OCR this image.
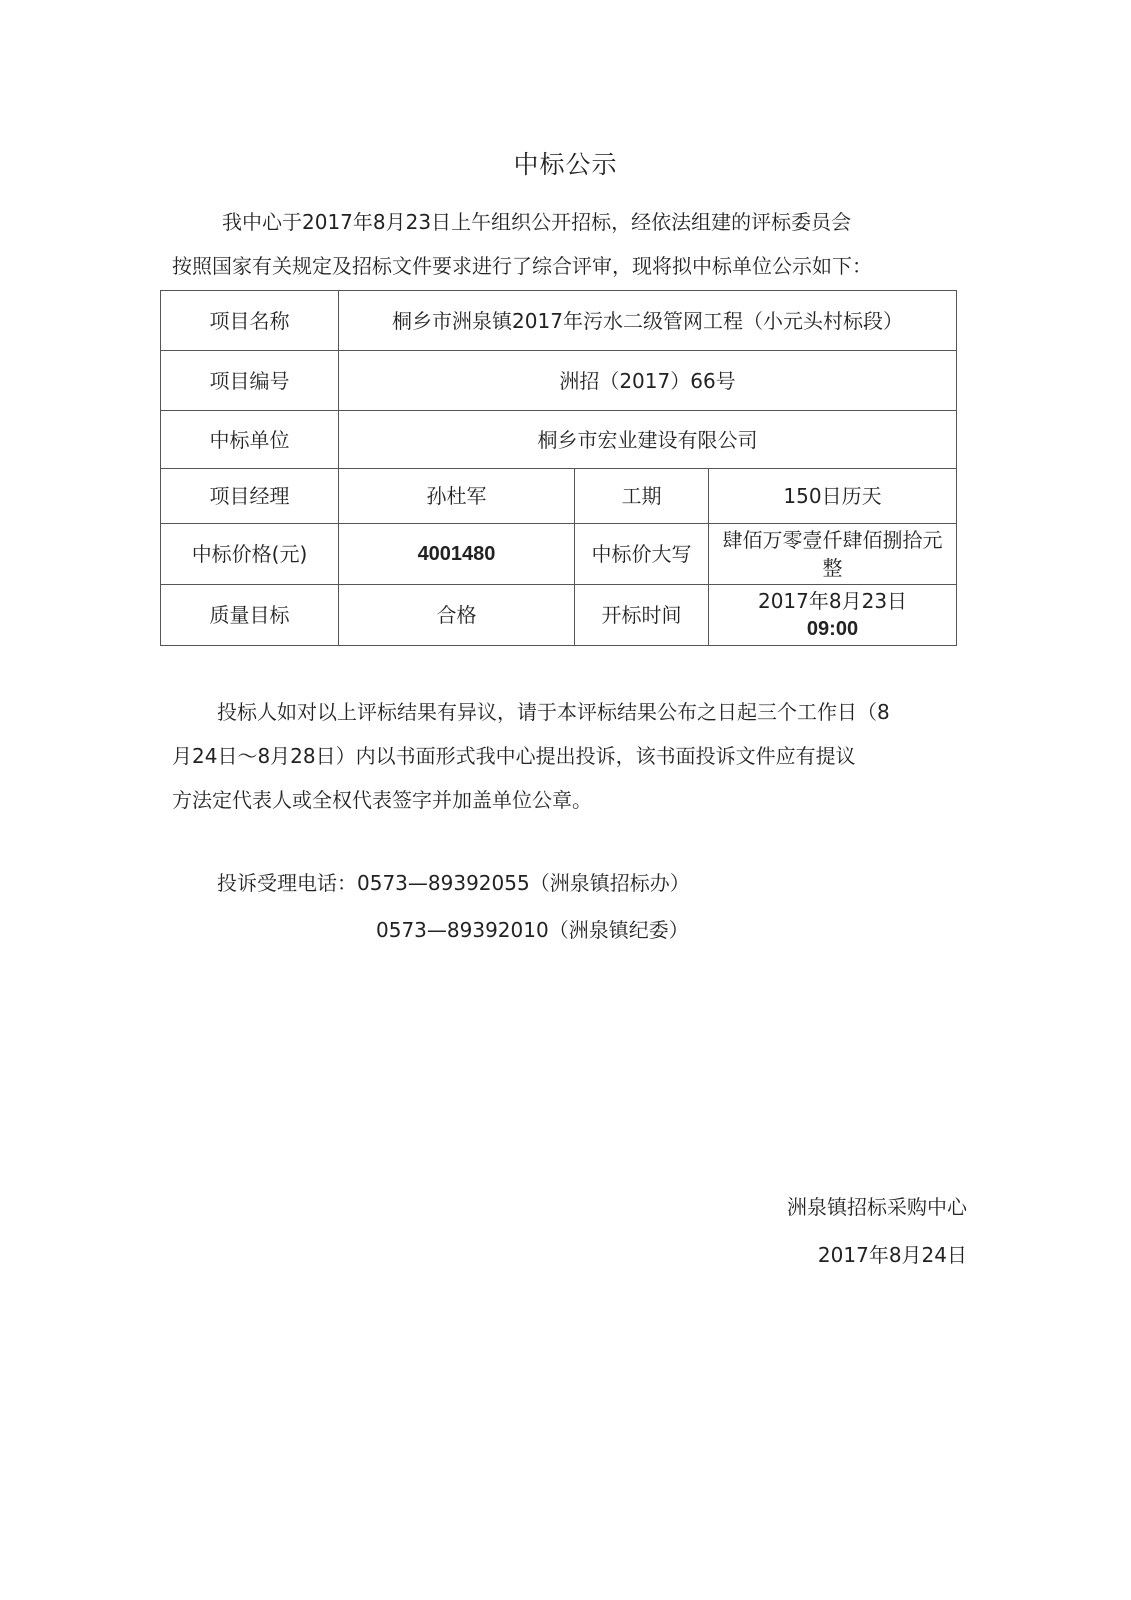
中标公示

我中心于2017年8月23日上午组织公开招标，经依法组建的评标委员会

按照国家有关规定及招标文件要求进行了综合评审，现将拟中标单位公示如下：

项目名称	桐乡市洲泉镇2017年污水二级管网工程（小元头村标段）		
项目编号	洲招（2017）66号		
中标单位	桐乡市宏业建设有限公司		
项目经理	孙杜军	工期	150日历天
中标价格(元)	4001480	中标价大写	肆佰万零壹仟肆佰捌拾元整
质量目标	合格	开标时间	2017年8月23日
09:00

投标人如对以上评标结果有异议，请于本评标结果公布之日起三个工作日（8

月24日～8月28日）内以书面形式我中心提出投诉，该书面投诉文件应有提议

方法定代表人或全权代表签字并加盖单位公章。

投诉受理电话：0573—89392055（洲泉镇招标办）
0573—89392010（洲泉镇纪委）
洲泉镇招标采购中心
2017年8月24日
